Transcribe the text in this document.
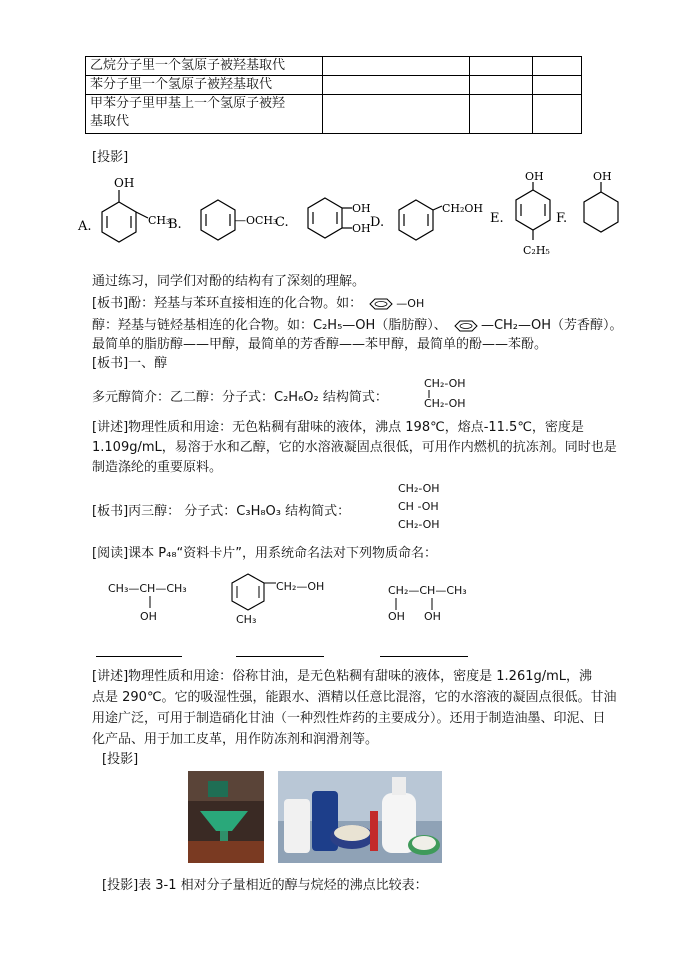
乙烷分子里一个氢原子被羟基取代			
苯分子里一个氢原子被羟基取代			

甲苯分子里甲基上一个氢原子被羟
基取代			

[投影]
A.
OH
CH₃
B.	—OCH₃
C.
OH
OH D.
CH₂OH
E.
OH
C₂H₅
F.
OH
通过练习，同学们对酚的结构有了深刻的理解。
[板书]酚：羟基与苯环直接相连的化合物。如：	—OH
醇：羟基与链烃基相连的化合物。如：C₂H₅—OH（脂肪醇）、	—CH₂—OH（芳香醇）。
最简单的脂肪醇——甲醇，最简单的芳香醇——苯甲醇，最简单的酚——苯酚。
[板书]一、醇
多元醇简介：乙二醇：分子式：C₂H₆O₂ 结构简式：
CH₂-OH
CH₂-OH
[讲述]物理性质和用途：无色粘稠有甜味的液体，沸点 198℃，熔点-11.5℃，密度是
1.109g/mL，易溶于水和乙醇，它的水溶液凝固点很低，可用作内燃机的抗冻剂。同时也是
制造涤纶的重要原料。
[板书]丙三醇： 分子式：C₃H₈O₃ 结构简式：
CH₂-OH
CH -OH
CH₂-OH
[阅读]课本 P₄₈“资料卡片”，用系统命名法对下列物质命名：
CH₃—CH—CH₃
OH
CH₂—OH
CH₃
CH₂—CH—CH₃
OH OH
[讲述]物理性质和用途：俗称甘油，是无色粘稠有甜味的液体，密度是 1.261g/mL，沸
点是 290℃。它的吸湿性强，能跟水、酒精以任意比混溶，它的水溶液的凝固点很低。甘油
用途广泛，可用于制造硝化甘油（一种烈性炸药的主要成分）。还用于制造油墨、印泥、日
化产品、用于加工皮革，用作防冻剂和润滑剂等。
[投影]
[投影]表 3-1 相对分子量相近的醇与烷烃的沸点比较表：
